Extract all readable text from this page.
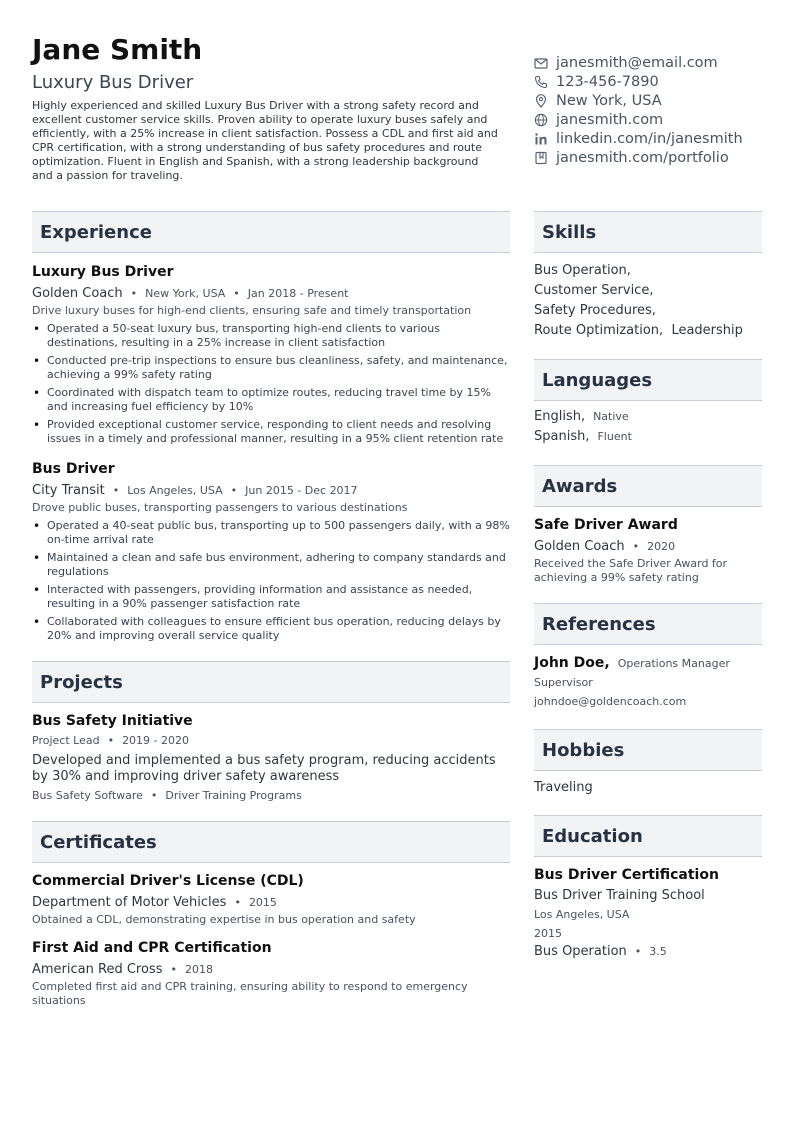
Jane Smith
Luxury Bus Driver
Highly experienced and skilled Luxury Bus Driver with a strong safety record and excellent customer service skills. Proven ability to operate luxury buses safely and efficiently, with a 25% increase in client satisfaction. Possess a CDL and first aid and CPR certification, with a strong understanding of bus safety procedures and route optimization. Fluent in English and Spanish, with a strong leadership background and a passion for traveling.
janesmith@email.com
123-456-7890
New York, USA
janesmith.com
linkedin.com/in/janesmith
janesmith.com/portfolio
Experience
Luxury Bus Driver
Golden Coach • New York, USA • Jan 2018 - Present
Drive luxury buses for high-end clients, ensuring safe and timely transportation
• Operated a 50-seat luxury bus, transporting high-end clients to various destinations, resulting in a 25% increase in client satisfaction
• Conducted pre-trip inspections to ensure bus cleanliness, safety, and maintenance, achieving a 99% safety rating
• Coordinated with dispatch team to optimize routes, reducing travel time by 15% and increasing fuel efficiency by 10%
• Provided exceptional customer service, responding to client needs and resolving issues in a timely and professional manner, resulting in a 95% client retention rate
Bus Driver
City Transit • Los Angeles, USA • Jun 2015 - Dec 2017
Drove public buses, transporting passengers to various destinations
• Operated a 40-seat public bus, transporting up to 500 passengers daily, with a 98% on-time arrival rate
• Maintained a clean and safe bus environment, adhering to company standards and regulations
• Interacted with passengers, providing information and assistance as needed, resulting in a 90% passenger satisfaction rate
• Collaborated with colleagues to ensure efficient bus operation, reducing delays by 20% and improving overall service quality
Projects
Bus Safety Initiative
Project Lead • 2019 - 2020
Developed and implemented a bus safety program, reducing accidents by 30% and improving driver safety awareness
Bus Safety Software • Driver Training Programs
Certificates
Commercial Driver's License (CDL)
Department of Motor Vehicles • 2015
Obtained a CDL, demonstrating expertise in bus operation and safety
First Aid and CPR Certification
American Red Cross • 2018
Completed first aid and CPR training, ensuring ability to respond to emergency situations
Skills
Bus Operation,
Customer Service,
Safety Procedures,
Route Optimization, Leadership
Languages
English, Native
Spanish, Fluent
Awards
Safe Driver Award
Golden Coach • 2020
Received the Safe Driver Award for achieving a 99% safety rating
References
John Doe, Operations Manager
Supervisor
johndoe@goldencoach.com
Hobbies
Traveling
Education
Bus Driver Certification
Bus Driver Training School
Los Angeles, USA
2015
Bus Operation • 3.5
